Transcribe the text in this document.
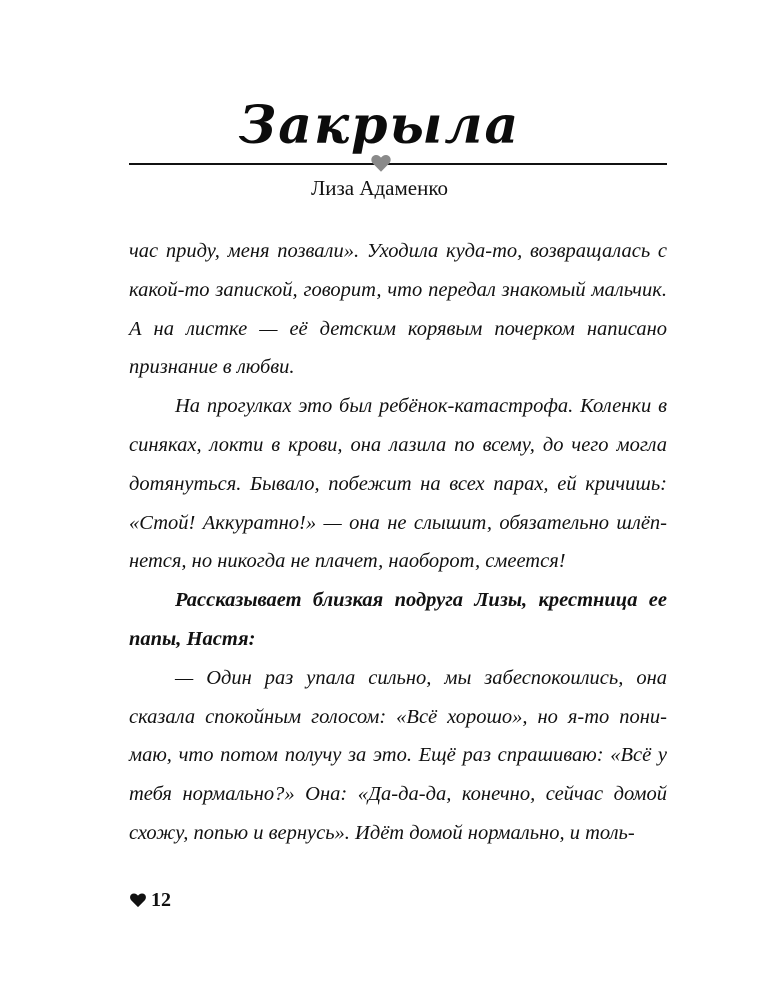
Закрыла
Лиза Адаменко

час приду, меня позвали». Уходила куда-то, возвращалась с какой-то запиской, говорит, что передал знакомый мальчик. А на листке — её детским корявым почерком написано признание в любви.

На прогулках это был ребёнок-катастрофа. Коленки в синяках, локти в крови, она лазила по всему, до чего могла дотянуться. Бывало, побежит на всех парах, ей кричишь: «Стой! Аккуратно!» — она не слышит, обязательно шлёпнется, но никогда не плачет, наоборот, смеется!

Рассказывает близкая подруга Лизы, крестница ее папы, Настя:

— Один раз упала сильно, мы забеспокоились, она сказала спокойным голосом: «Всё хорошо», но я-то понимаю, что потом получу за это. Ещё раз спрашиваю: «Всё у тебя нормально?» Она: «Да-да-да, конечно, сейчас домой схожу, попью и вернусь». Идёт домой нормально, и толь-

12
